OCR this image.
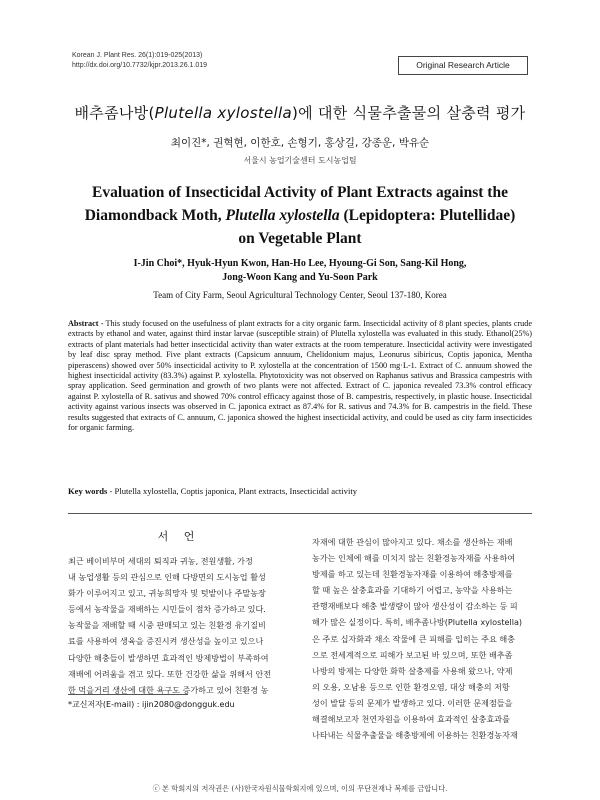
Korean J. Plant Res. 26(1):019-025(2013)
http://dx.doi.org/10.7732/kjpr.2013.26.1.019	Original Research Article
배추좀나방(Plutella xylostella)에 대한 식물추출물의 살충력 평가
최이진*, 권혁현, 이한호, 손형기, 홍상길, 강종운, 박유순
서울시 농업기술센터 도시농업팀
Evaluation of Insecticidal Activity of Plant Extracts against the
Diamondback Moth, Plutella xylostella (Lepidoptera: Plutellidae)
on Vegetable Plant
I-Jin Choi*, Hyuk-Hyun Kwon, Han-Ho Lee, Hyoung-Gi Son, Sang-Kil Hong,
Jong-Woon Kang and Yu-Soon Park
Team of City Farm, Seoul Agricultural Technology Center, Seoul 137-180, Korea
Abstract - This study focused on the usefulness of plant extracts for a city organic farm. Insecticidal activity of 8 plant species, plants crude extracts by ethanol and water, against third instar larvae (susceptible strain) of Plutella xylostella was evaluated in this study. Ethanol(25%) extracts of plant materials had better insecticidal activity than water extracts at the room temperature. Insecticidal activity were investigated by leaf disc spray method. Five plant extracts (Capsicum annuum, Chelidonium majus, Leonurus sibiricus, Coptis japonica, Mentha piperascens) showed over 50% insecticidal activity to P. xylostella at the concentration of 1500 mg·L-1. Extract of C. annuum showed the highest insecticidal activity (83.3%) against P. xylostella. Phytotoxicity was not observed on Raphanus sativus and Brassica campestris with spray application. Seed germination and growth of two plants were not affected. Extract of C. japonica revealed 73.3% control efficacy against P. xylostella of R. sativus and showed 70% control efficacy against those of B. campestris, respectively, in plastic house. Insecticidal activity against various insects was observed in C. japonica extract as 87.4% for R. sativus and 74.3% for B. campestris in the field. These results suggested that extracts of C. annuum, C. japonica showed the highest insecticidal activity, and could be used as city farm insecticides for organic farming.
Key words - Plutella xylostella, Coptis japonica, Plant extracts, Insecticidal activity
서 언
최근 베이비부머 세대의 퇴직과 귀농, 전원생활, 가정
내 농업생활 등의 관심으로 인해 다방면의 도시농업 활성
화가 이루어지고 있고, 귀농희망자 및 텃밭이나 주말농장
등에서 농작물을 재배하는 시민들이 점차 증가하고 있다.
농작물을 재배할 때 시중 판매되고 있는 친환경 유기질비
료를 사용하여 생육을 증진시켜 생산성을 높이고 있으나
다양한 해충들이 발생하면 효과적인 방제방법이 부족하여
재배에 어려움을 겪고 있다. 또한 건강한 삶을 위해서 안전
한 먹을거리 생산에 대한 욕구도 증가하고 있어 친환경 농
자재에 대한 관심이 많아지고 있다. 채소를 생산하는 재배
농가는 인체에 해를 미치지 않는 친환경농자재를 사용하여
방제를 하고 있는데 친환경농자재를 이용하여 해충방제를
할 때 높은 살충효과를 기대하기 어렵고, 농약을 사용하는
관행재배보다 해충 발생량이 많아 생산성이 감소하는 등 피
해가 많은 실정이다. 특히, 배추좀나방(Plutella xylostella)
은 주로 십자화과 채소 작물에 큰 피해를 입히는 주요 해충
으로 전세계적으로 피해가 보고된 바 있으며, 또한 배추좀
나방의 방제는 다양한 화학 살충제를 사용해 왔으나, 약제
의 오용, 오남용 등으로 인한 환경오염, 대상 해충의 저항
성이 발달 등의 문제가 발생하고 있다. 이러한 문제점들을
해결해보고자 천연자원을 이용하여 효과적인 살충효과를
나타내는 식물추출물을 해충방제에 이용하는 친환경농자재
*교신저자(E-mail) : ijin2080@dongguk.edu
ⓒ 본 학회지의 저작권은 (사)한국자원식물학회지에 있으며, 이의 무단전재나 복제를 금합니다.
